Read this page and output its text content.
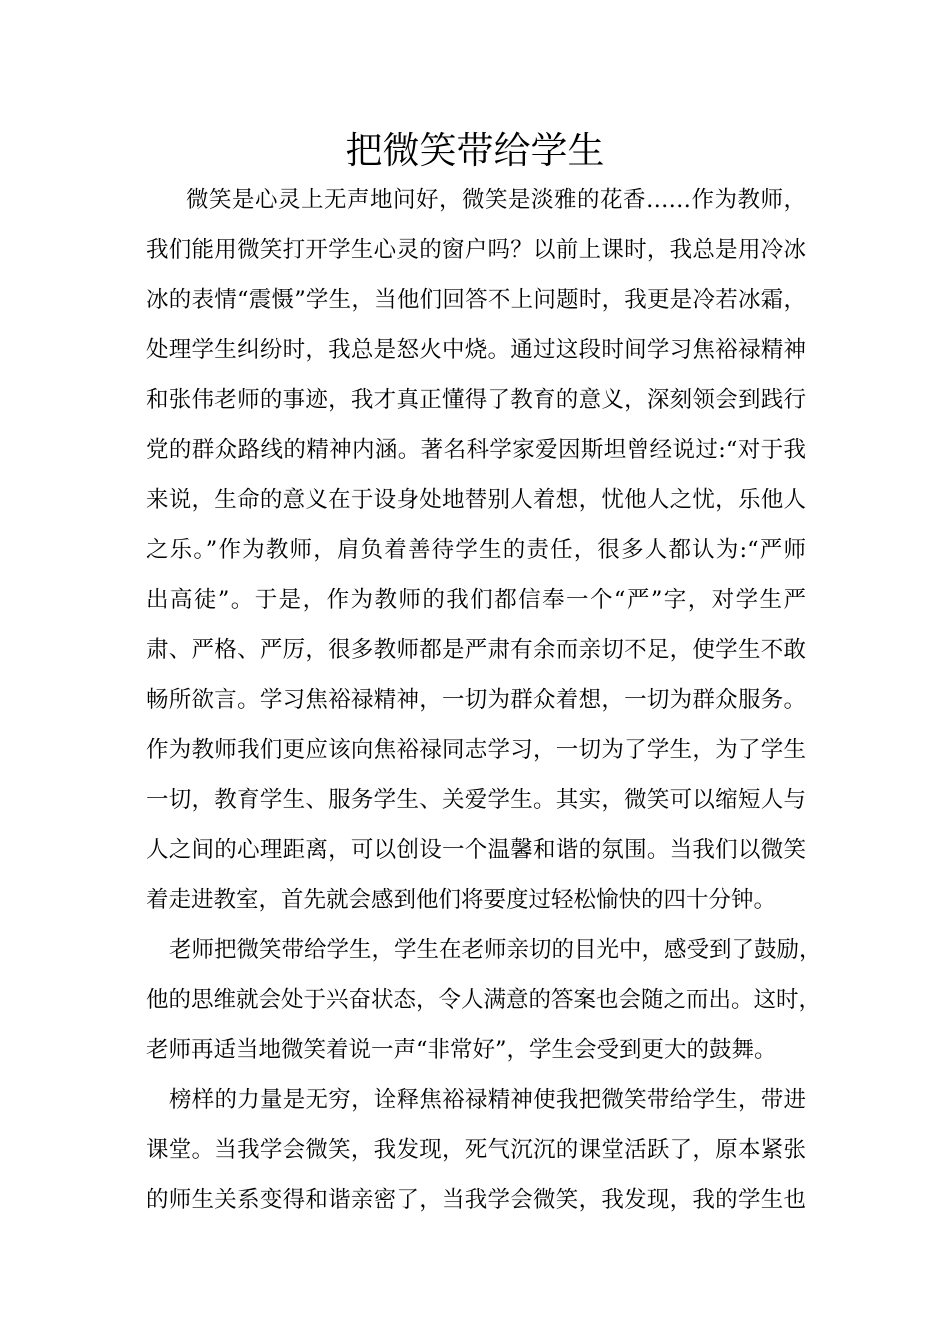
把微笑带给学生
微笑是心灵上无声地问好，微笑是淡雅的花香……作为教师，
我们能用微笑打开学生心灵的窗户吗？以前上课时，我总是用冷冰
冰的表情“震慑”学生，当他们回答不上问题时，我更是冷若冰霜，
处理学生纠纷时，我总是怒火中烧。通过这段时间学习焦裕禄精神
和张伟老师的事迹，我才真正懂得了教育的意义，深刻领会到践行
党的群众路线的精神内涵。著名科学家爱因斯坦曾经说过:“对于我
来说，生命的意义在于设身处地替别人着想，忧他人之忧，乐他人
之乐。”作为教师，肩负着善待学生的责任，很多人都认为:“严师
出高徒”。于是，作为教师的我们都信奉一个“严”字，对学生严
肃、严格、严厉，很多教师都是严肃有余而亲切不足，使学生不敢
畅所欲言。学习焦裕禄精神，一切为群众着想，一切为群众服务。
作为教师我们更应该向焦裕禄同志学习，一切为了学生，为了学生
一切，教育学生、服务学生、关爱学生。其实，微笑可以缩短人与
人之间的心理距离，可以创设一个温馨和谐的氛围。当我们以微笑
着走进教室，首先就会感到他们将要度过轻松愉快的四十分钟。
老师把微笑带给学生，学生在老师亲切的目光中，感受到了鼓励，
他的思维就会处于兴奋状态，令人满意的答案也会随之而出。这时，
老师再适当地微笑着说一声“非常好”，学生会受到更大的鼓舞。
榜样的力量是无穷，诠释焦裕禄精神使我把微笑带给学生，带进
课堂。当我学会微笑，我发现，死气沉沉的课堂活跃了，原本紧张
的师生关系变得和谐亲密了，当我学会微笑，我发现，我的学生也
